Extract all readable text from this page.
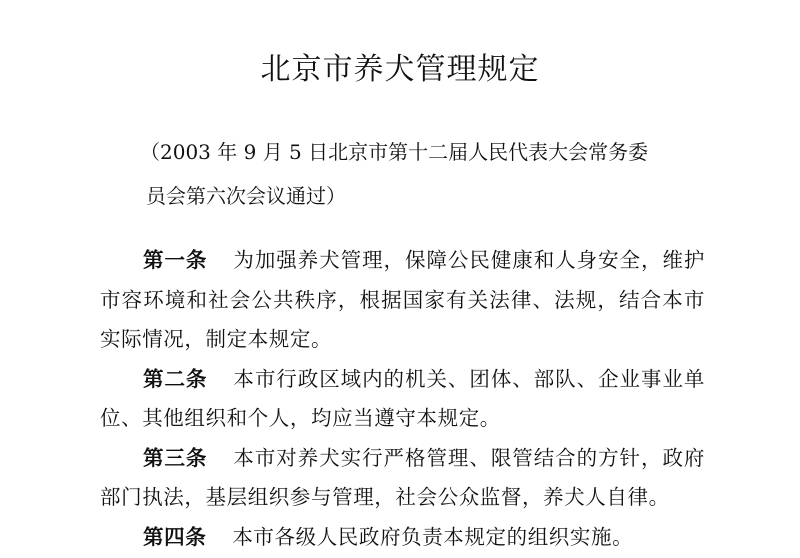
北京市养犬管理规定

（2003 年 9 月 5 日北京市第十二届人民代表大会常务委
员会第六次会议通过）

第一条 为加强养犬管理，保障公民健康和人身安全，维护市容环境和社会公共秩序，根据国家有关法律、法规，结合本市实际情况，制定本规定。

第二条 本市行政区域内的机关、团体、部队、企业事业单位、其他组织和个人，均应当遵守本规定。

第三条 本市对养犬实行严格管理、限管结合的方针，政府部门执法，基层组织参与管理，社会公众监督，养犬人自律。

第四条 本市各级人民政府负责本规定的组织实施。
